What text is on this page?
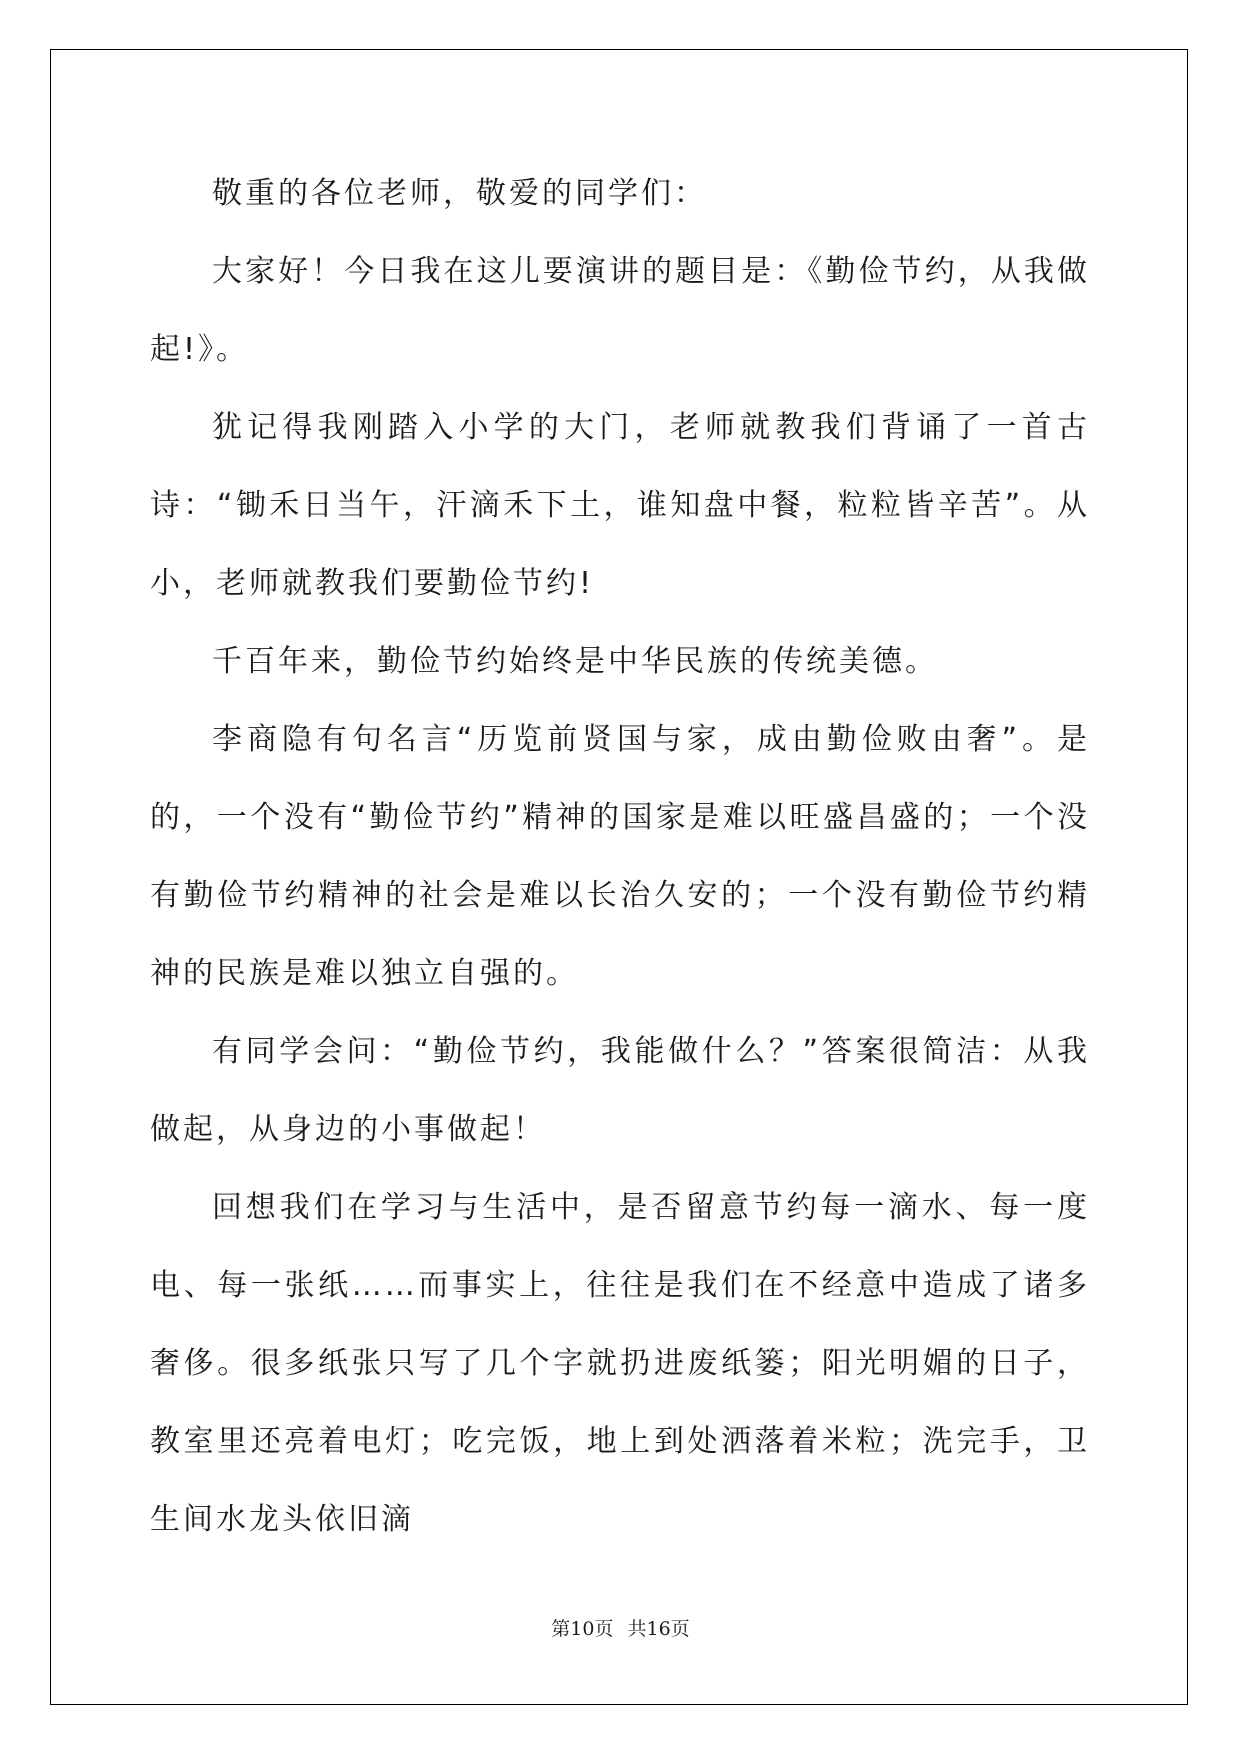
敬重的各位老师，敬爱的同学们：

大家好！今日我在这儿要演讲的题目是：《勤俭节约，从我做起!》。

犹记得我刚踏入小学的大门，老师就教我们背诵了一首古诗：“锄禾日当午，汗滴禾下土，谁知盘中餐，粒粒皆辛苦”。从小，老师就教我们要勤俭节约!

千百年来，勤俭节约始终是中华民族的传统美德。

李商隐有句名言“历览前贤国与家，成由勤俭败由奢”。是的，一个没有“勤俭节约”精神的国家是难以旺盛昌盛的；一个没有勤俭节约精神的社会是难以长治久安的；一个没有勤俭节约精神的民族是难以独立自强的。

有同学会问：“勤俭节约，我能做什么？”答案很简洁：从我做起，从身边的小事做起！

回想我们在学习与生活中，是否留意节约每一滴水、每一度电、每一张纸……而事实上，往往是我们在不经意中造成了诸多奢侈。很多纸张只写了几个字就扔进废纸篓；阳光明媚的日子，教室里还亮着电灯；吃完饭，地上到处洒落着米粒；洗完手，卫生间水龙头依旧滴

第10页 共16页
